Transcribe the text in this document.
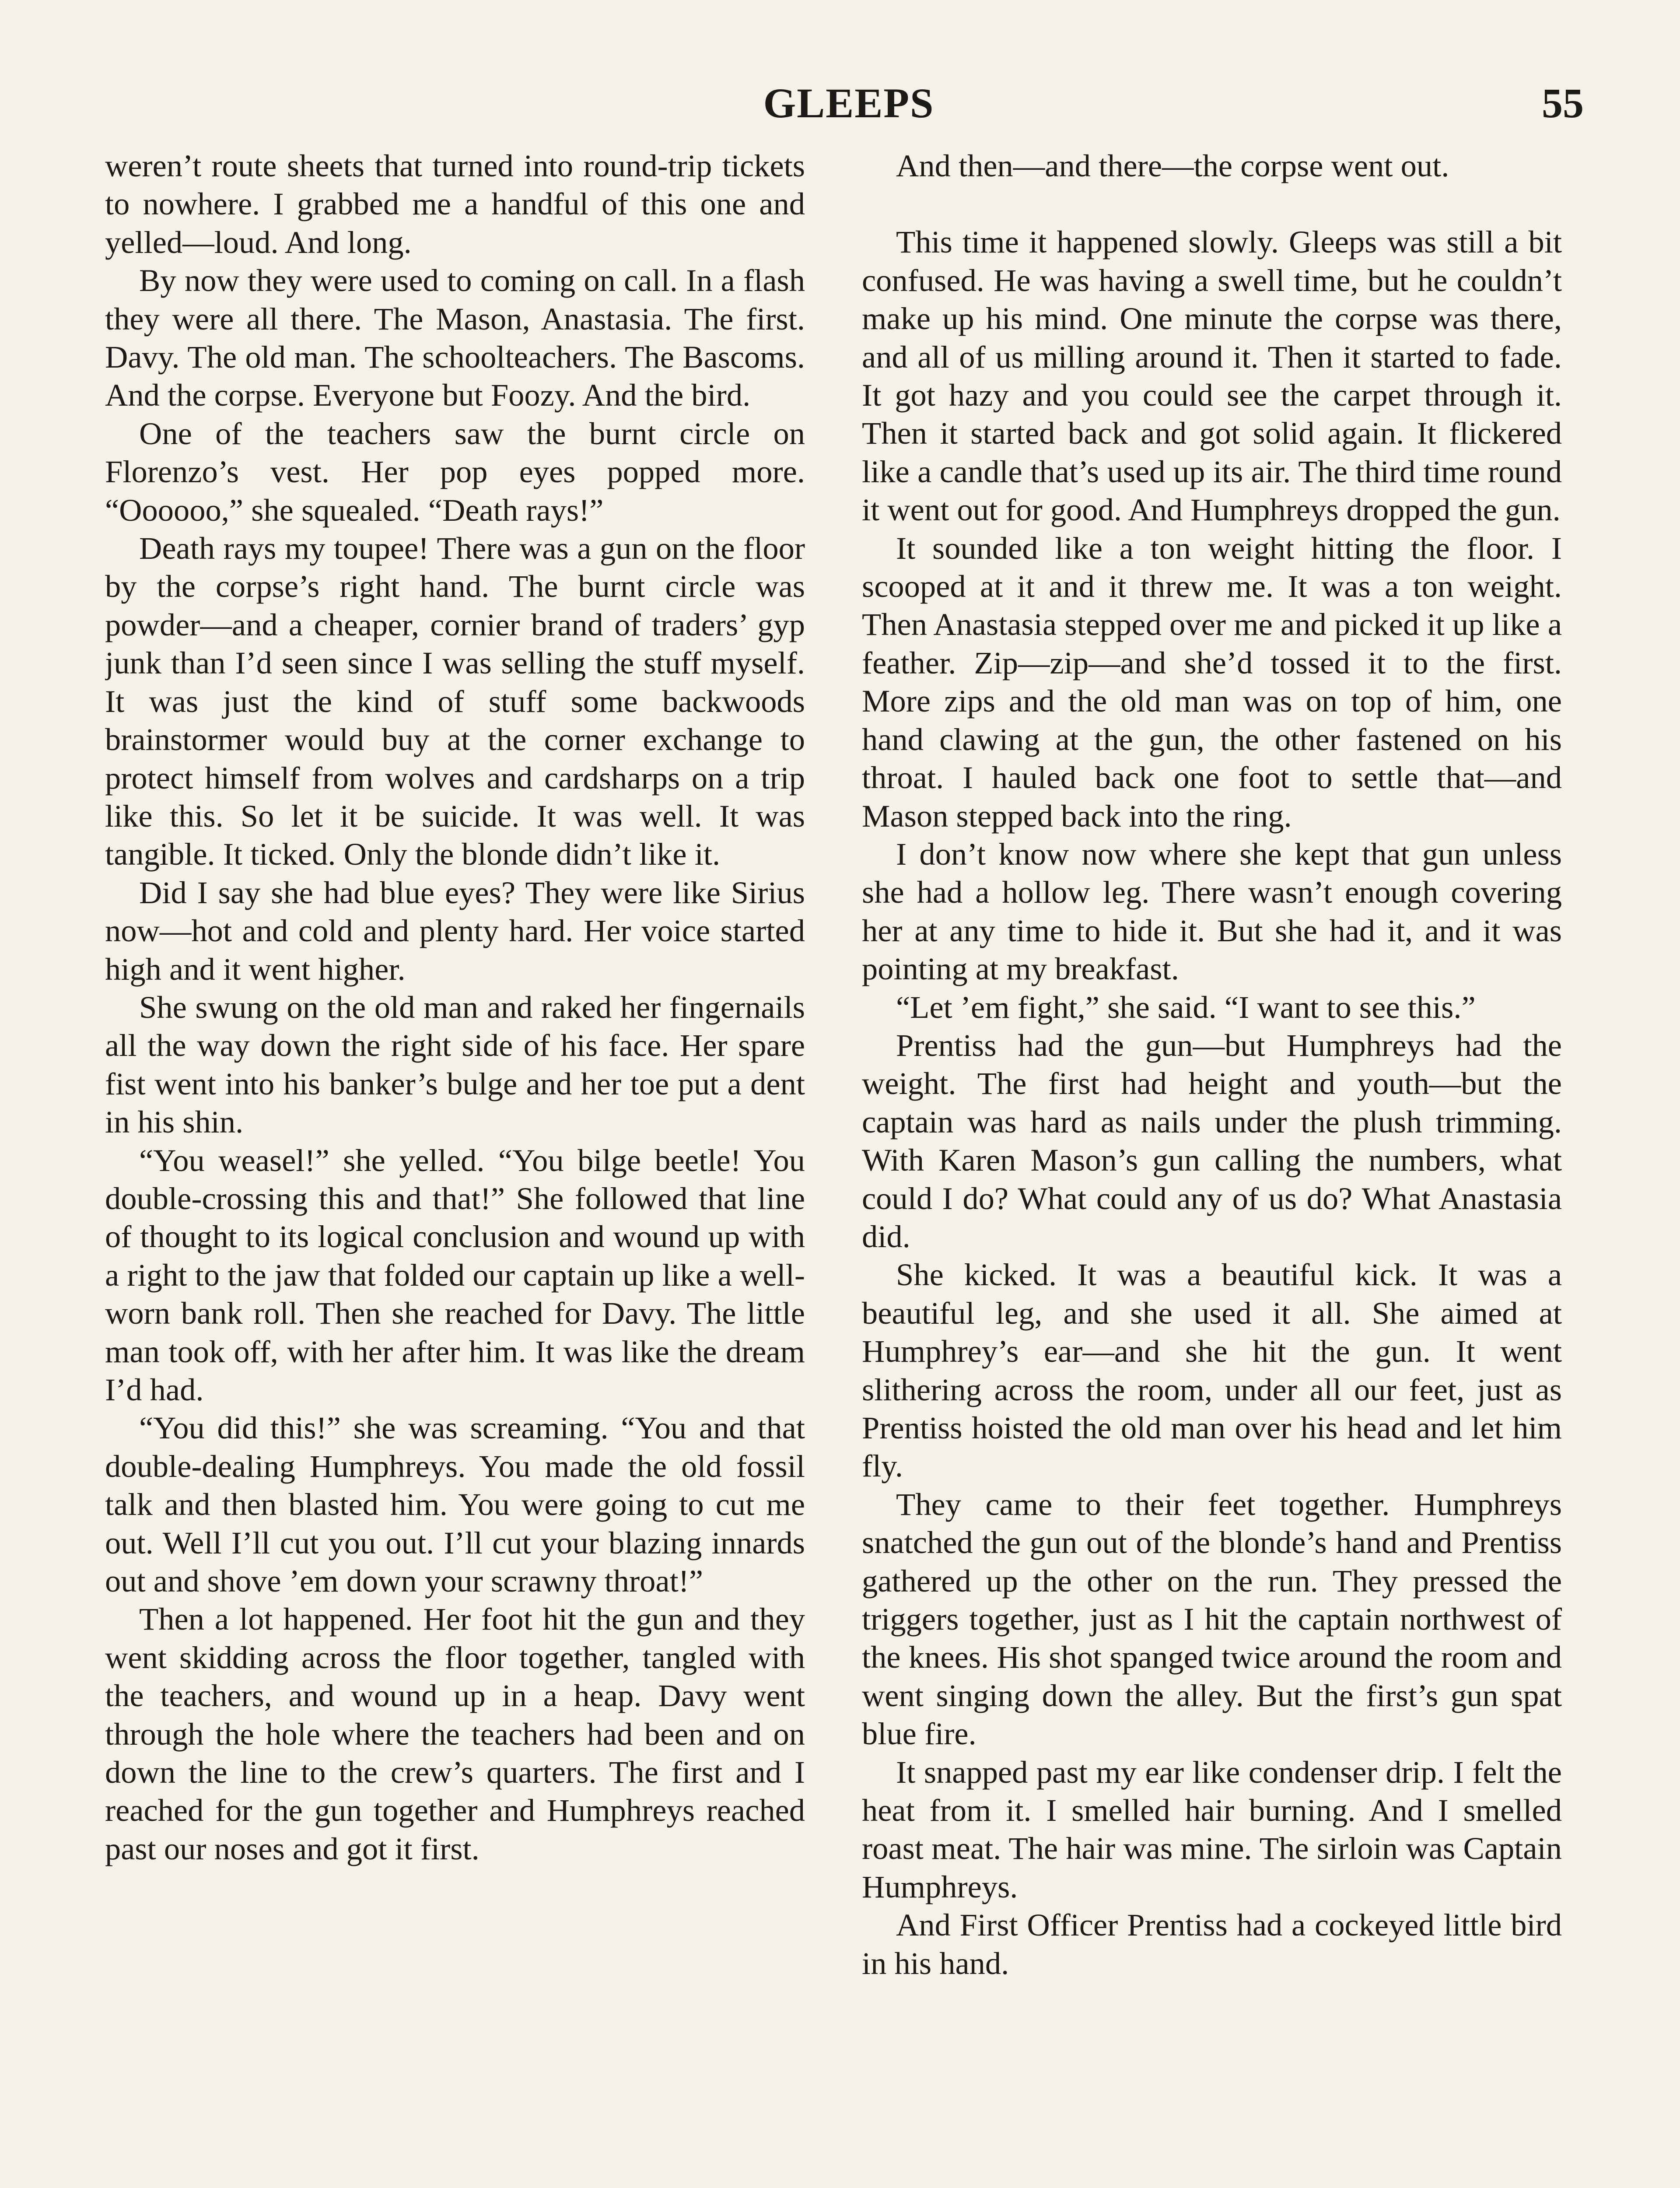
GLEEPS	55

weren’t route sheets that turned into round-trip tickets to nowhere. I grabbed me a handful of this one and yelled—loud. And long.

By now they were used to coming on call. In a flash they were all there. The Mason, Anastasia. The first. Davy. The old man. The schoolteachers. The Bascoms. And the corpse. Everyone but Foozy. And the bird.

One of the teachers saw the burnt circle on Florenzo’s vest. Her pop eyes popped more. “Oooooo,” she squealed. “Death rays!”

Death rays my toupee! There was a gun on the floor by the corpse’s right hand. The burnt circle was powder—and a cheaper, cornier brand of traders’ gyp junk than I’d seen since I was selling the stuff myself. It was just the kind of stuff some backwoods brainstormer would buy at the corner exchange to protect himself from wolves and cardsharps on a trip like this. So let it be suicide. It was well. It was tangible. It ticked. Only the blonde didn’t like it.

Did I say she had blue eyes? They were like Sirius now—hot and cold and plenty hard. Her voice started high and it went higher.

She swung on the old man and raked her fingernails all the way down the right side of his face. Her spare fist went into his banker’s bulge and her toe put a dent in his shin.

“You weasel!” she yelled. “You bilge beetle! You double-crossing this and that!” She followed that line of thought to its logical conclusion and wound up with a right to the jaw that folded our captain up like a well-worn bank roll. Then she reached for Davy. The little man took off, with her after him. It was like the dream I’d had.

“You did this!” she was screaming. “You and that double-dealing Humphreys. You made the old fossil talk and then blasted him. You were going to cut me out. Well I’ll cut you out. I’ll cut your blazing innards out and shove ’em down your scrawny throat!”

Then a lot happened. Her foot hit the gun and they went skidding across the floor together, tangled with the teachers, and wound up in a heap. Davy went through the hole where the teachers had been and on down the line to the crew’s quarters. The first and I reached for the gun together and Humphreys reached past our noses and got it first.

And then—and there—the corpse went out.

This time it happened slowly. Gleeps was still a bit confused. He was having a swell time, but he couldn’t make up his mind. One minute the corpse was there, and all of us milling around it. Then it started to fade. It got hazy and you could see the carpet through it. Then it started back and got solid again. It flickered like a candle that’s used up its air. The third time round it went out for good. And Humphreys dropped the gun.

It sounded like a ton weight hitting the floor. I scooped at it and it threw me. It was a ton weight. Then Anastasia stepped over me and picked it up like a feather. Zip—zip—and she’d tossed it to the first. More zips and the old man was on top of him, one hand clawing at the gun, the other fastened on his throat. I hauled back one foot to settle that—and Mason stepped back into the ring.

I don’t know now where she kept that gun unless she had a hollow leg. There wasn’t enough covering her at any time to hide it. But she had it, and it was pointing at my breakfast.

“Let ’em fight,” she said. “I want to see this.”

Prentiss had the gun—but Humphreys had the weight. The first had height and youth—but the captain was hard as nails under the plush trimming. With Karen Mason’s gun calling the numbers, what could I do? What could any of us do? What Anastasia did.

She kicked. It was a beautiful kick. It was a beautiful leg, and she used it all. She aimed at Humphrey’s ear—and she hit the gun. It went slithering across the room, under all our feet, just as Prentiss hoisted the old man over his head and let him fly.

They came to their feet together. Humphreys snatched the gun out of the blonde’s hand and Prentiss gathered up the other on the run. They pressed the triggers together, just as I hit the captain northwest of the knees. His shot spanged twice around the room and went singing down the alley. But the first’s gun spat blue fire.

It snapped past my ear like condenser drip. I felt the heat from it. I smelled hair burning. And I smelled roast meat. The hair was mine. The sirloin was Captain Humphreys.

And First Officer Prentiss had a cockeyed little bird in his hand.
